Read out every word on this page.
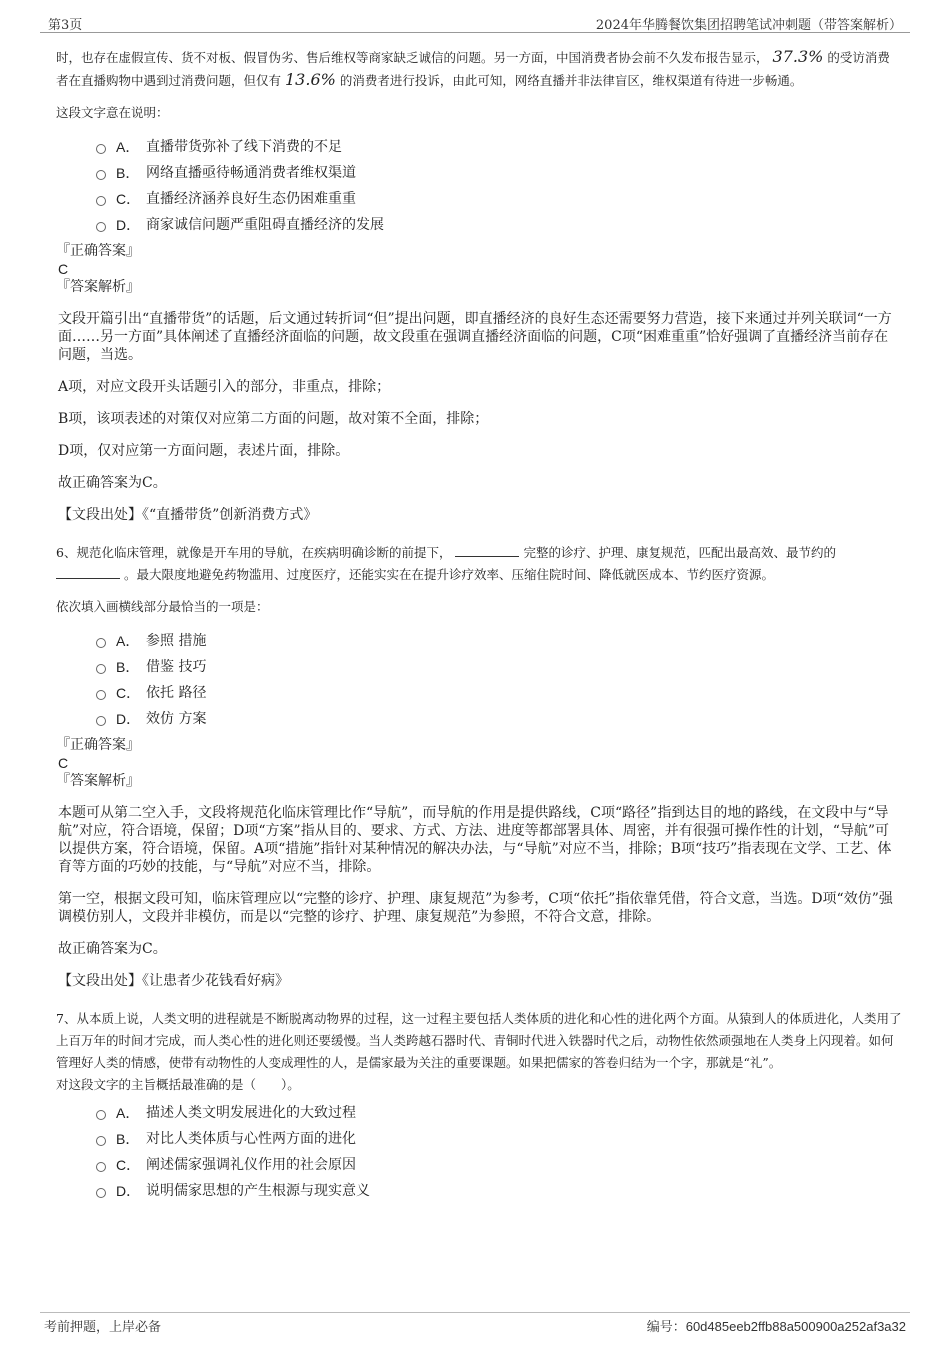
第3页	2024年华腾餐饮集团招聘笔试冲刺题（带答案解析）

时，也存在虚假宣传、货不对板、假冒伪劣、售后维权等商家缺乏诚信的问题。另一方面，中国消费者协会前不久发布报告显示， 37.3% 的受访消费者在直播购物中遇到过消费问题，但仅有 13.6% 的消费者进行投诉，由此可知，网络直播并非法律盲区，维权渠道有待进一步畅通。

这段文字意在说明：

A． 直播带货弥补了线下消费的不足
B． 网络直播亟待畅通消费者维权渠道
C． 直播经济涵养良好生态仍困难重重
D． 商家诚信问题严重阻碍直播经济的发展

『正确答案』

C

『答案解析』

文段开篇引出“直播带货”的话题，后文通过转折词“但”提出问题，即直播经济的良好生态还需要努力营造，接下来通过并列关联词“一方面……另一方面”具体阐述了直播经济面临的问题，故文段重在强调直播经济面临的问题，C项“困难重重”恰好强调了直播经济当前存在问题，当选。

A项，对应文段开头话题引入的部分，非重点，排除；

B项，该项表述的对策仅对应第二方面的问题，故对策不全面，排除；

D项，仅对应第一方面问题，表述片面，排除。

故正确答案为C。

【文段出处】《“直播带货”创新消费方式》

6、规范化临床管理，就像是开车用的导航，在疾病明确诊断的前提下，	完整的诊疗、护理、康复规范，匹配出最高效、最节约的  。最大限度地避免药物滥用、过度医疗，还能实实在在提升诊疗效率、压缩住院时间、降低就医成本、节约医疗资源。

依次填入画横线部分最恰当的一项是：

A． 参照 措施
B． 借鉴 技巧
C． 依托 路径
D． 效仿 方案

『正确答案』

C

『答案解析』

本题可从第二空入手，文段将规范化临床管理比作“导航”，而导航的作用是提供路线，C项“路径”指到达目的地的路线，在文段中与“导航”对应，符合语境，保留；D项“方案”指从目的、要求、方式、方法、进度等都部署具体、周密，并有很强可操作性的计划，“导航”可以提供方案，符合语境，保留。A项“措施”指针对某种情况的解决办法，与“导航”对应不当，排除；B项“技巧”指表现在文学、工艺、体育等方面的巧妙的技能，与“导航”对应不当，排除。

第一空，根据文段可知，临床管理应以“完整的诊疗、护理、康复规范”为参考，C项“依托”指依靠凭借，符合文意，当选。D项“效仿”强调模仿别人，文段并非模仿，而是以“完整的诊疗、护理、康复规范”为参照，不符合文意，排除。

故正确答案为C。

【文段出处】《让患者少花钱看好病》

7、从本质上说，人类文明的进程就是不断脱离动物界的过程，这一过程主要包括人类体质的进化和心性的进化两个方面。从猿到人的体质进化，人类用了上百万年的时间才完成，而人类心性的进化则还要缓慢。当人类跨越石器时代、青铜时代进入铁器时代之后，动物性依然顽强地在人类身上闪现着。如何管理好人类的情感，使带有动物性的人变成理性的人，是儒家最为关注的重要课题。如果把儒家的答卷归结为一个字，那就是“礼”。

对这段文字的主旨概括最准确的是（　　）。

A． 描述人类文明发展进化的大致过程
B． 对比人类体质与心性两方面的进化
C． 阐述儒家强调礼仪作用的社会原因
D． 说明儒家思想的产生根源与现实意义
考前押题，上岸必备	编号：60d485eeb2ffb88a500900a252af3a32
